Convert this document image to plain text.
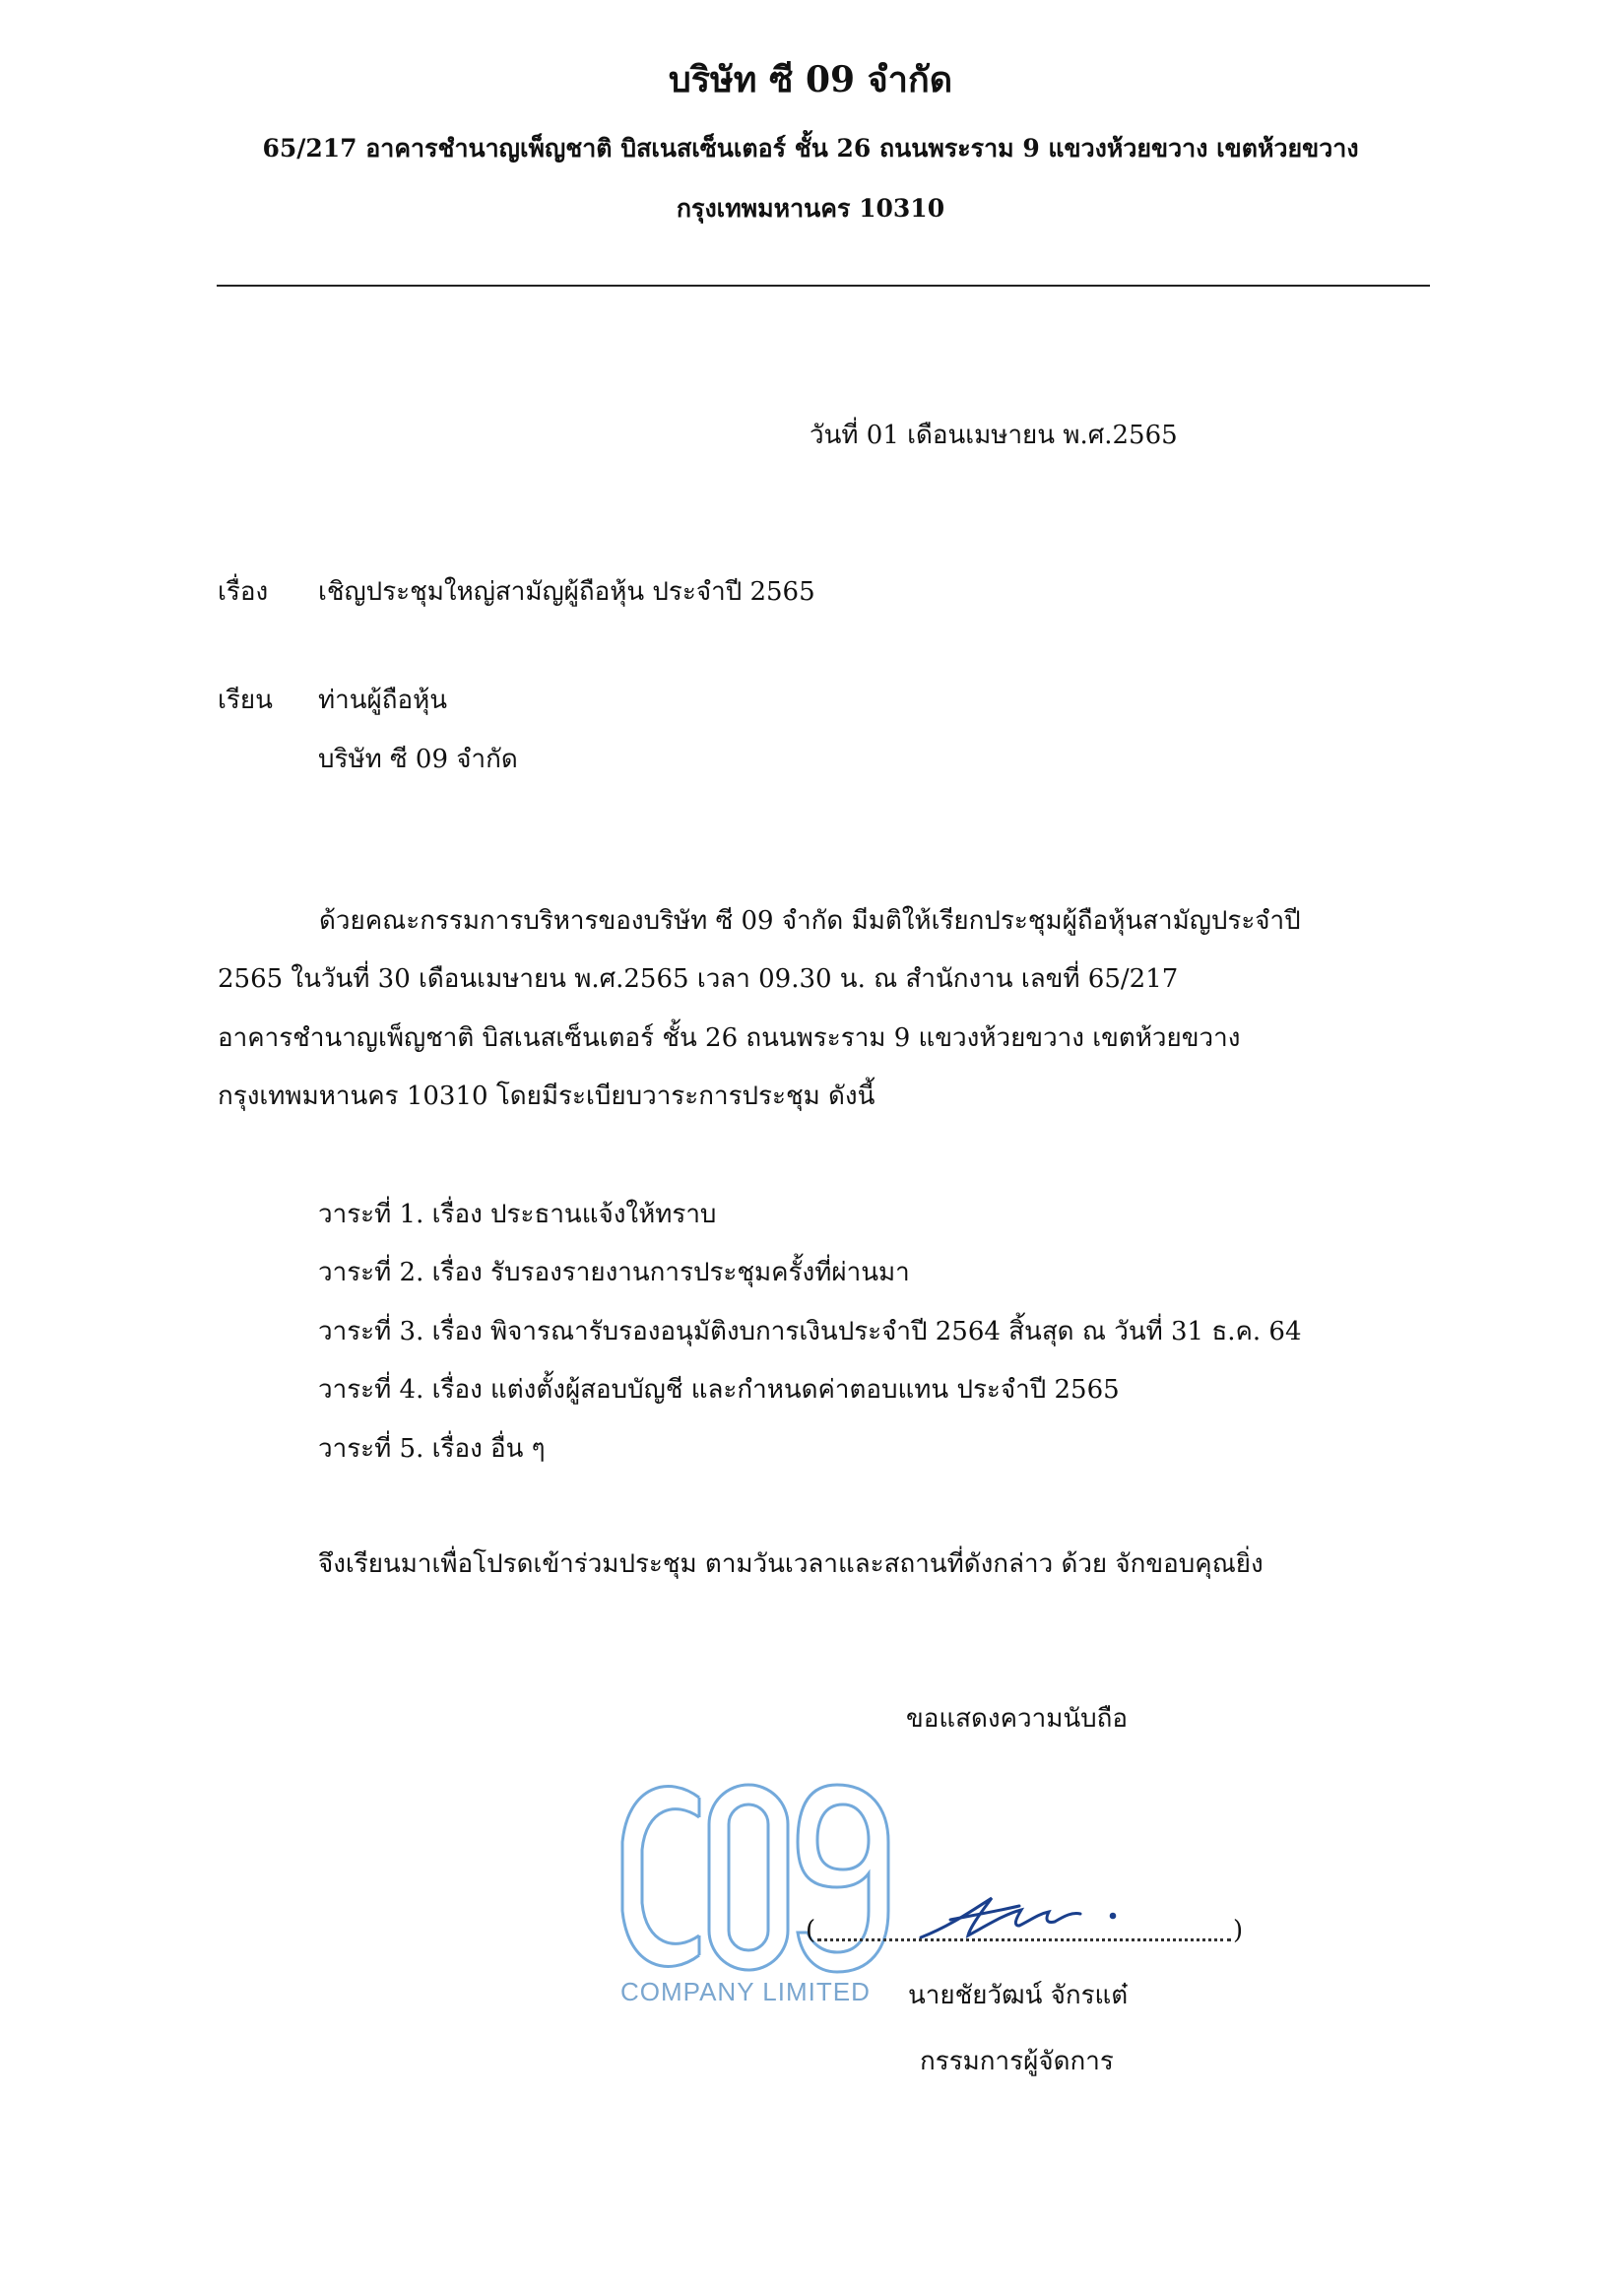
บริษัท ซี 09 จำกัด
65/217 อาคารชำนาญเพ็ญชาติ บิสเนสเซ็นเตอร์ ชั้น 26 ถนนพระราม 9 แขวงห้วยขวาง เขตห้วยขวาง
กรุงเทพมหานคร 10310
วันที่ 01 เดือนเมษายน พ.ศ.2565
เรื่อง เชิญประชุมใหญ่สามัญผู้ถือหุ้น ประจำปี 2565
เรียน ท่านผู้ถือหุ้น
บริษัท ซี 09 จำกัด
ด้วยคณะกรรมการบริหารของบริษัท ซี 09 จำกัด มีมติให้เรียกประชุมผู้ถือหุ้นสามัญประจำปี
2565 ในวันที่ 30 เดือนเมษายน พ.ศ.2565 เวลา 09.30 น. ณ สำนักงาน เลขที่ 65/217
อาคารชำนาญเพ็ญชาติ บิสเนสเซ็นเตอร์ ชั้น 26 ถนนพระราม 9 แขวงห้วยขวาง เขตห้วยขวาง
กรุงเทพมหานคร 10310 โดยมีระเบียบวาระการประชุม ดังนี้
วาระที่ 1. เรื่อง ประธานแจ้งให้ทราบ
วาระที่ 2. เรื่อง รับรองรายงานการประชุมครั้งที่ผ่านมา
วาระที่ 3. เรื่อง พิจารณารับรองอนุมัติงบการเงินประจำปี 2564 สิ้นสุด ณ วันที่ 31 ธ.ค. 64
วาระที่ 4. เรื่อง แต่งตั้งผู้สอบบัญชี และกำหนดค่าตอบแทน ประจำปี 2565
วาระที่ 5. เรื่อง อื่น ๆ
จึงเรียนมาเพื่อโปรดเข้าร่วมประชุม ตามวันเวลาและสถานที่ดังกล่าว ด้วย จักขอบคุณยิ่ง
ขอแสดงความนับถือ
COMPANY LIMITED
(	)
นายชัยวัฒน์ จักรแต๋
กรรมการผู้จัดการ
